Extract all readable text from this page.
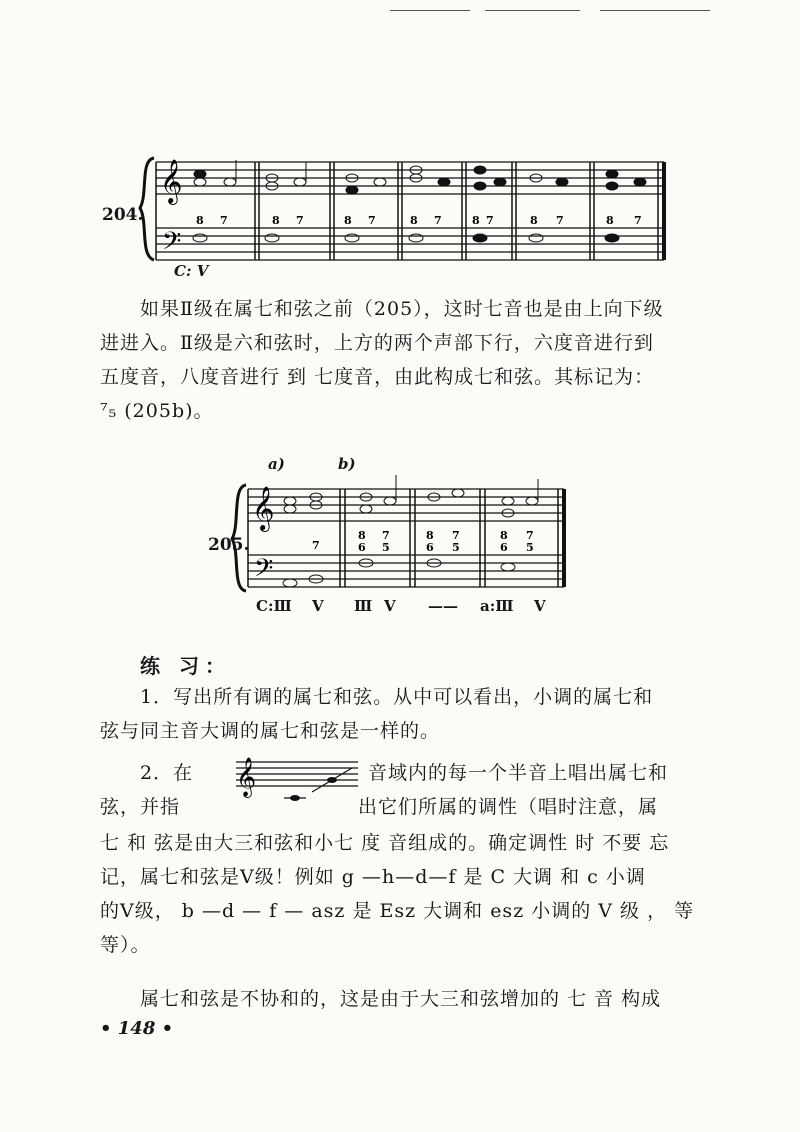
204.
𝄞
𝄢
8 7	8 7	8 7	8 7	8 7	8 7	8 7
C: V

如果Ⅱ级在属七和弦之前（205），这时七音也是由上向下级

进进入。Ⅱ级是六和弦时，上方的两个声部下行，六度音进行到
五度音，八度音进行 到 七度音，由此构成七和弦。其标记为：
⁷₅ (205b)。

a)	b)
205.
𝄞
𝄢
7
8
6
7
5
8
6
7
5
8
6
7
5
C:Ⅲ V Ⅲ V —— a:Ⅲ V
练 习：

1．写出所有调的属七和弦。从中可以看出，小调的属七和

弦与同主音大调的属七和弦是一样的。

2．在 𝄞	音域内的每一个半音上唱出属七和
弦，并指	出它们所属的调性（唱时注意，属

七 和 弦是由大三和弦和小七 度 音组成的。确定调性 时 不要 忘
记，属七和弦是Ⅴ级！例如 g —h—d—f 是 C 大调 和 c 小调
的Ⅴ级， b —d — f — asz 是 Esz 大调和 esz 小调的 Ⅴ 级 ， 等
等）。

属七和弦是不协和的，这是由于大三和弦增加的 七 音 构成

• 148 •
